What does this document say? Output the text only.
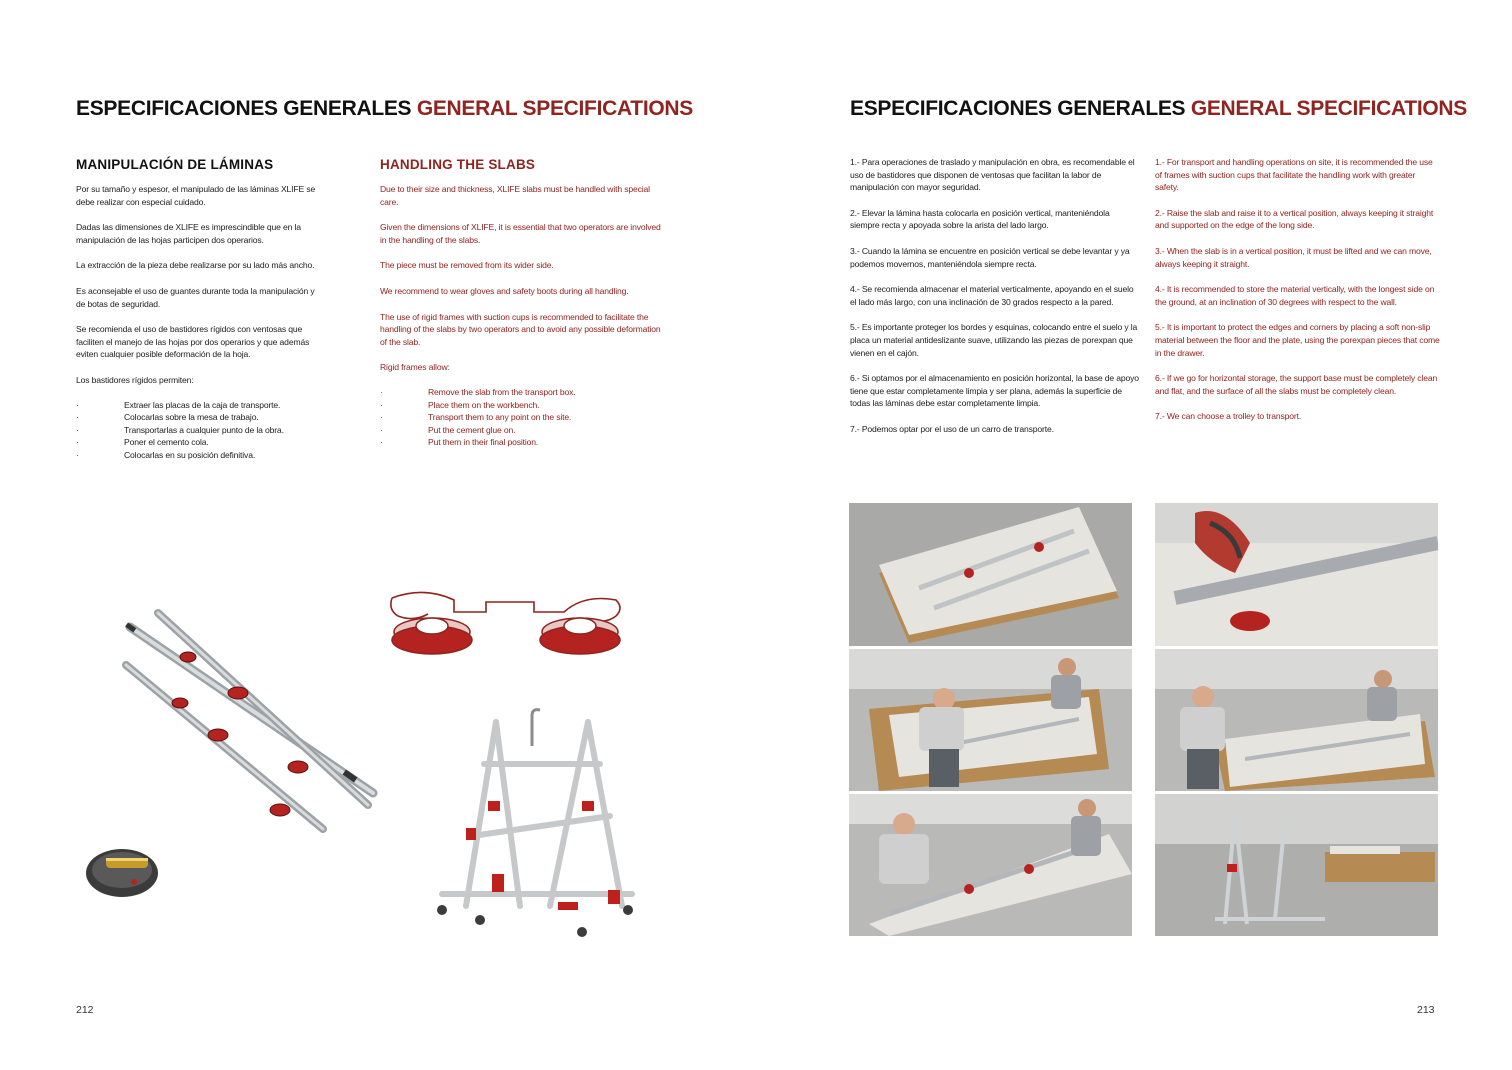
ESPECIFICACIONES GENERALES GENERAL SPECIFICATIONS
MANIPULACIÓN DE LÁMINAS	HANDLING THE SLABS

Por su tamaño y espesor, el manipulado de las láminas XLIFE se debe realizar con especial cuidado.

Dadas las dimensiones de XLIFE es imprescindible que en la manipulación de las hojas participen dos operarios.

La extracción de la pieza debe realizarse por su lado más ancho.

Es aconsejable el uso de guantes durante toda la manipulación y de botas de seguridad.

Se recomienda el uso de bastidores rígidos con ventosas que faciliten el manejo de las hojas por dos operarios y que además eviten cualquier posible deformación de la hoja.

Los bastidores rígidos permiten:

· Extraer las placas de la caja de transporte.
· Colocarlas sobre la mesa de trabajo.
· Transportarlas a cualquier punto de la obra.
· Poner el cemento cola.
· Colocarlas en su posición definitiva.

Due to their size and thickness, XLIFE slabs must be handled with special care.

Given the dimensions of XLIFE, it is essential that two operators are involved in the handling of the slabs.

The piece must be removed from its wider side.

We recommend to wear gloves and safety boots during all handling.

The use of rigid frames with suction cups is recommended to facilitate the handling of the slabs by two operators and to avoid any possible deformation of the slab.

Rigid frames allow:

· Remove the slab from the transport box.
· Place them on the workbench.
· Transport them to any point on the site.
· Put the cement glue on.
· Put them in their final position.
212
ESPECIFICACIONES GENERALES GENERAL SPECIFICATIONS

1.- Para operaciones de traslado y manipulación en obra, es recomendable el uso de bastidores que disponen de ventosas que facilitan la labor de manipulación con mayor seguridad.

2.- Elevar la lámina hasta colocarla en posición vertical, manteniéndola siempre recta y apoyada sobre la arista del lado largo.

3.- Cuando la lámina se encuentre en posición vertical se debe levantar y ya podemos movernos, manteniéndola siempre recta.

4.- Se recomienda almacenar el material verticalmente, apoyando en el suelo el lado más largo, con una inclinación de 30 grados respecto a la pared.

5.- Es importante proteger los bordes y esquinas, colocando entre el suelo y la placa un material antideslizante suave, utilizando las piezas de porexpan que vienen en el cajón.

6.- Si optamos por el almacenamiento en posición horizontal, la base de apoyo tiene que estar completamente limpia y ser plana, además la superficie de todas las láminas debe estar completamente limpia.

7.- Podemos optar por el uso de un carro de transporte.

1.- For transport and handling operations on site, it is recommended the use of frames with suction cups that facilitate the handling work with greater safety.

2.- Raise the slab and raise it to a vertical position, always keeping it straight and supported on the edge of the long side.

3.- When the slab is in a vertical position, it must be lifted and we can move, always keeping it straight.

4.- It is recommended to store the material vertically, with the longest side on the ground, at an inclination of 30 degrees with respect to the wall.

5.- It is important to protect the edges and corners by placing a soft non-slip material between the floor and the plate, using the porexpan pieces that come in the drawer.

6.- If we go for horizontal storage, the support base must be completely clean and flat, and the surface of all the slabs must be completely clean.

7.- We can choose a trolley to transport.

213
